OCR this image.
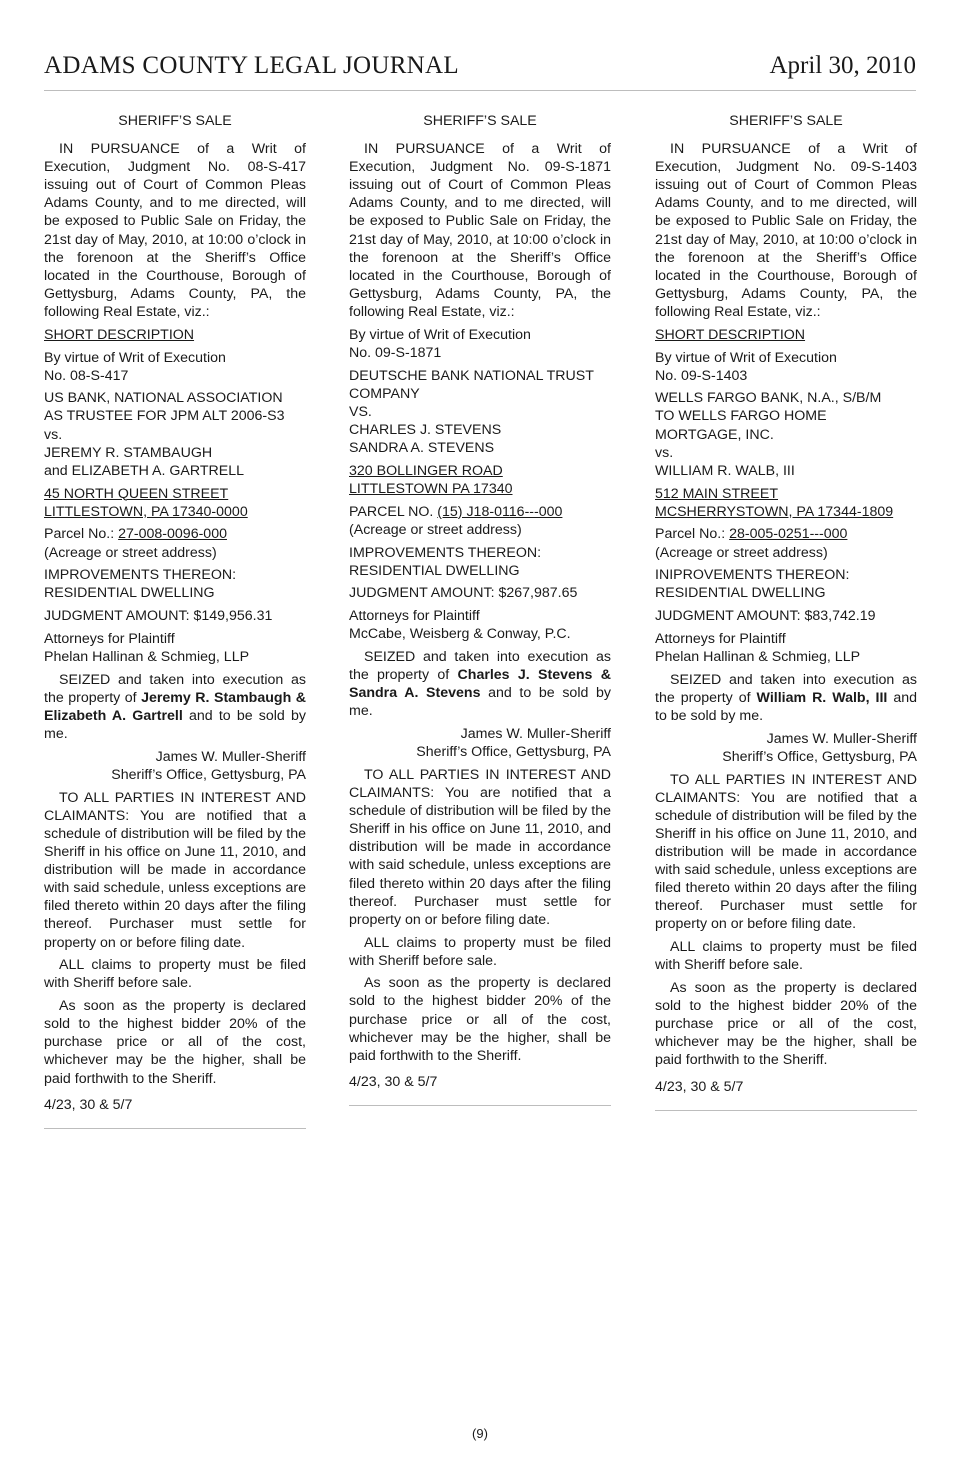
ADAMS COUNTY LEGAL JOURNAL	April 30, 2010

SHERIFF’S SALE

IN PURSUANCE of a Writ of Execution, Judgment No. 08-S-417 issuing out of Court of Common Pleas Adams County, and to me directed, will be exposed to Public Sale on Friday, the 21st day of May, 2010, at 10:00 o’clock in the forenoon at the Sheriff’s Office located in the Courthouse, Borough of Gettysburg, Adams County, PA, the following Real Estate, viz.:

SHORT DESCRIPTION

By virtue of Writ of Execution
No. 08-S-417

US BANK, NATIONAL ASSOCIATION
AS TRUSTEE FOR JPM ALT 2006-S3
vs.
JEREMY R. STAMBAUGH
and ELIZABETH A. GARTRELL

45 NORTH QUEEN STREET
LITTLESTOWN, PA 17340-0000

Parcel No.: 27-008-0096-000
(Acreage or street address)

IMPROVEMENTS THEREON:
RESIDENTIAL DWELLING

JUDGMENT AMOUNT: $149,956.31

Attorneys for Plaintiff
Phelan Hallinan & Schmieg, LLP

SEIZED and taken into execution as the property of Jeremy R. Stambaugh & Elizabeth A. Gartrell and to be sold by me.

James W. Muller-Sheriff
Sheriff’s Office, Gettysburg, PA

TO ALL PARTIES IN INTEREST AND CLAIMANTS: You are notified that a schedule of distribution will be filed by the Sheriff in his office on June 11, 2010, and distribution will be made in accordance with said schedule, unless exceptions are filed thereto within 20 days after the filing thereof. Purchaser must settle for property on or before filing date.

ALL claims to property must be filed with Sheriff before sale.

As soon as the property is declared sold to the highest bidder 20% of the purchase price or all of the cost, whichever may be the higher, shall be paid forthwith to the Sheriff.

4/23, 30 & 5/7

SHERIFF’S SALE

IN PURSUANCE of a Writ of Execution, Judgment No. 09-S-1871 issuing out of Court of Common Pleas Adams County, and to me directed, will be exposed to Public Sale on Friday, the 21st day of May, 2010, at 10:00 o’clock in the forenoon at the Sheriff’s Office located in the Courthouse, Borough of Gettysburg, Adams County, PA, the following Real Estate, viz.:

By virtue of Writ of Execution
No. 09-S-1871

DEUTSCHE BANK NATIONAL TRUST
COMPANY
VS.
CHARLES J. STEVENS
SANDRA A. STEVENS

320 BOLLINGER ROAD
LITTLESTOWN PA 17340

PARCEL NO. (15) J18-0116---000
(Acreage or street address)

IMPROVEMENTS THEREON:
RESIDENTIAL DWELLING

JUDGMENT AMOUNT: $267,987.65

Attorneys for Plaintiff
McCabe, Weisberg & Conway, P.C.

SEIZED and taken into execution as the property of Charles J. Stevens & Sandra A. Stevens and to be sold by me.

James W. Muller-Sheriff
Sheriff’s Office, Gettysburg, PA

TO ALL PARTIES IN INTEREST AND CLAIMANTS: You are notified that a schedule of distribution will be filed by the Sheriff in his office on June 11, 2010, and distribution will be made in accordance with said schedule, unless exceptions are filed thereto within 20 days after the filing thereof. Purchaser must settle for property on or before filing date.

ALL claims to property must be filed with Sheriff before sale.

As soon as the property is declared sold to the highest bidder 20% of the purchase price or all of the cost, whichever may be the higher, shall be paid forthwith to the Sheriff.

4/23, 30 & 5/7

SHERIFF’S SALE

IN PURSUANCE of a Writ of Execution, Judgment No. 09-S-1403 issuing out of Court of Common Pleas Adams County, and to me directed, will be exposed to Public Sale on Friday, the 21st day of May, 2010, at 10:00 o’clock in the forenoon at the Sheriff’s Office located in the Courthouse, Borough of Gettysburg, Adams County, PA, the following Real Estate, viz.:

SHORT DESCRIPTION

By virtue of Writ of Execution
No. 09-S-1403

WELLS FARGO BANK, N.A., S/B/M
TO WELLS FARGO HOME
MORTGAGE, INC.
vs.
WILLIAM R. WALB, III

512 MAIN STREET
MCSHERRYSTOWN, PA 17344-1809

Parcel No.: 28-005-0251---000
(Acreage or street address)

INIPROVEMENTS THEREON:
RESIDENTIAL DWELLING

JUDGMENT AMOUNT: $83,742.19

Attorneys for Plaintiff
Phelan Hallinan & Schmieg, LLP

SEIZED and taken into execution as the property of William R. Walb, III and to be sold by me.

James W. Muller-Sheriff
Sheriff’s Office, Gettysburg, PA

TO ALL PARTIES IN INTEREST AND CLAIMANTS: You are notified that a schedule of distribution will be filed by the Sheriff in his office on June 11, 2010, and distribution will be made in accordance with said schedule, unless exceptions are filed thereto within 20 days after the filing thereof. Purchaser must settle for property on or before filing date.

ALL claims to property must be filed with Sheriff before sale.

As soon as the property is declared sold to the highest bidder 20% of the purchase price or all of the cost, whichever may be the higher, shall be paid forthwith to the Sheriff.

4/23, 30 & 5/7

(9)
